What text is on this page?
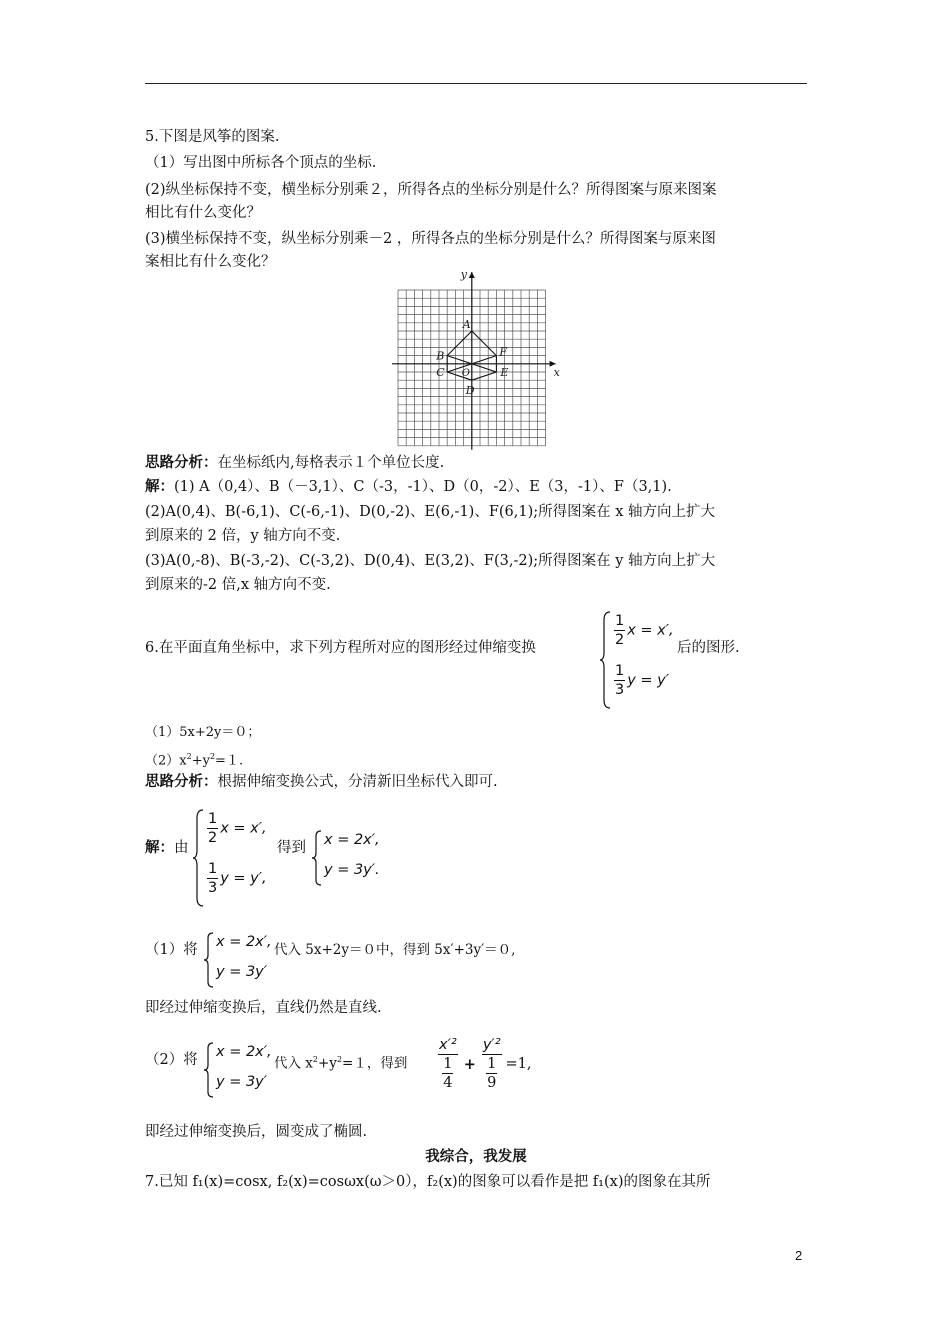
5.下图是风筝的图案.
（1）写出图中所标各个顶点的坐标.
(2)纵坐标保持不变，横坐标分别乘２，所得各点的坐标分别是什么？所得图案与原来图案
相比有什么变化？
(3)横坐标保持不变，纵坐标分别乘－2 ，所得各点的坐标分别是什么？所得图案与原来图
案相比有什么变化？
x
y
O
A
B
C
D
E
F
思路分析：在坐标纸内,每格表示１个单位长度.
解：(1) A（0,4）、B（－3,1）、C（-3，-1）、D（0，-2）、E（3，-1）、F（3,1).
(2)A(0,4)、B(-6,1)、C(-6,-1)、D(0,-2)、E(6,-1)、F(6,1);所得图案在 x 轴方向上扩大
到原来的 2 倍，y 轴方向不变.
(3)A(0,-8)、B(-3,-2)、C(-3,2)、D(0,4)、E(3,2)、F(3,-2);所得图案在 y 轴方向上扩大
到原来的-2 倍,x 轴方向不变.
6.在平面直角坐标中，求下列方程所对应的图形经过伸缩变换	$\frac{1}{2}$ x = x′,
$\frac{1}{3}$ y = y′
后的图形.
（1）5x+2y＝０；
$(2)x^2+y^2=1$.
思路分析：根据伸缩变换公式，分清新旧坐标代入即可.
解：由
$\frac{1}{2}$ x = x′,
$\frac{1}{3}$ y = y′,
得到 x = 2x′,
y = 3y′.
（1）将 x = 2x′,
y = 3y′
代入 5x+2y＝０中，得到 5x′+3y′＝０,
即经过伸缩变换后，直线仍然是直线.
（2）将 x = 2x′,
y = 3y′
代入 $x^2+y^2=1$，得到 $\frac{\text{x′²}}{\frac{1}{4}} + \frac{\text{y′²}}{\frac{1}{9}} =1$,
即经过伸缩变换后，圆变成了椭圆.
我综合，我发展
7.已知 f₁(x)=cosx, f₂(x)=cosωx(ω＞0），f₂(x)的图象可以看作是把 f₁(x)的图象在其所
2
